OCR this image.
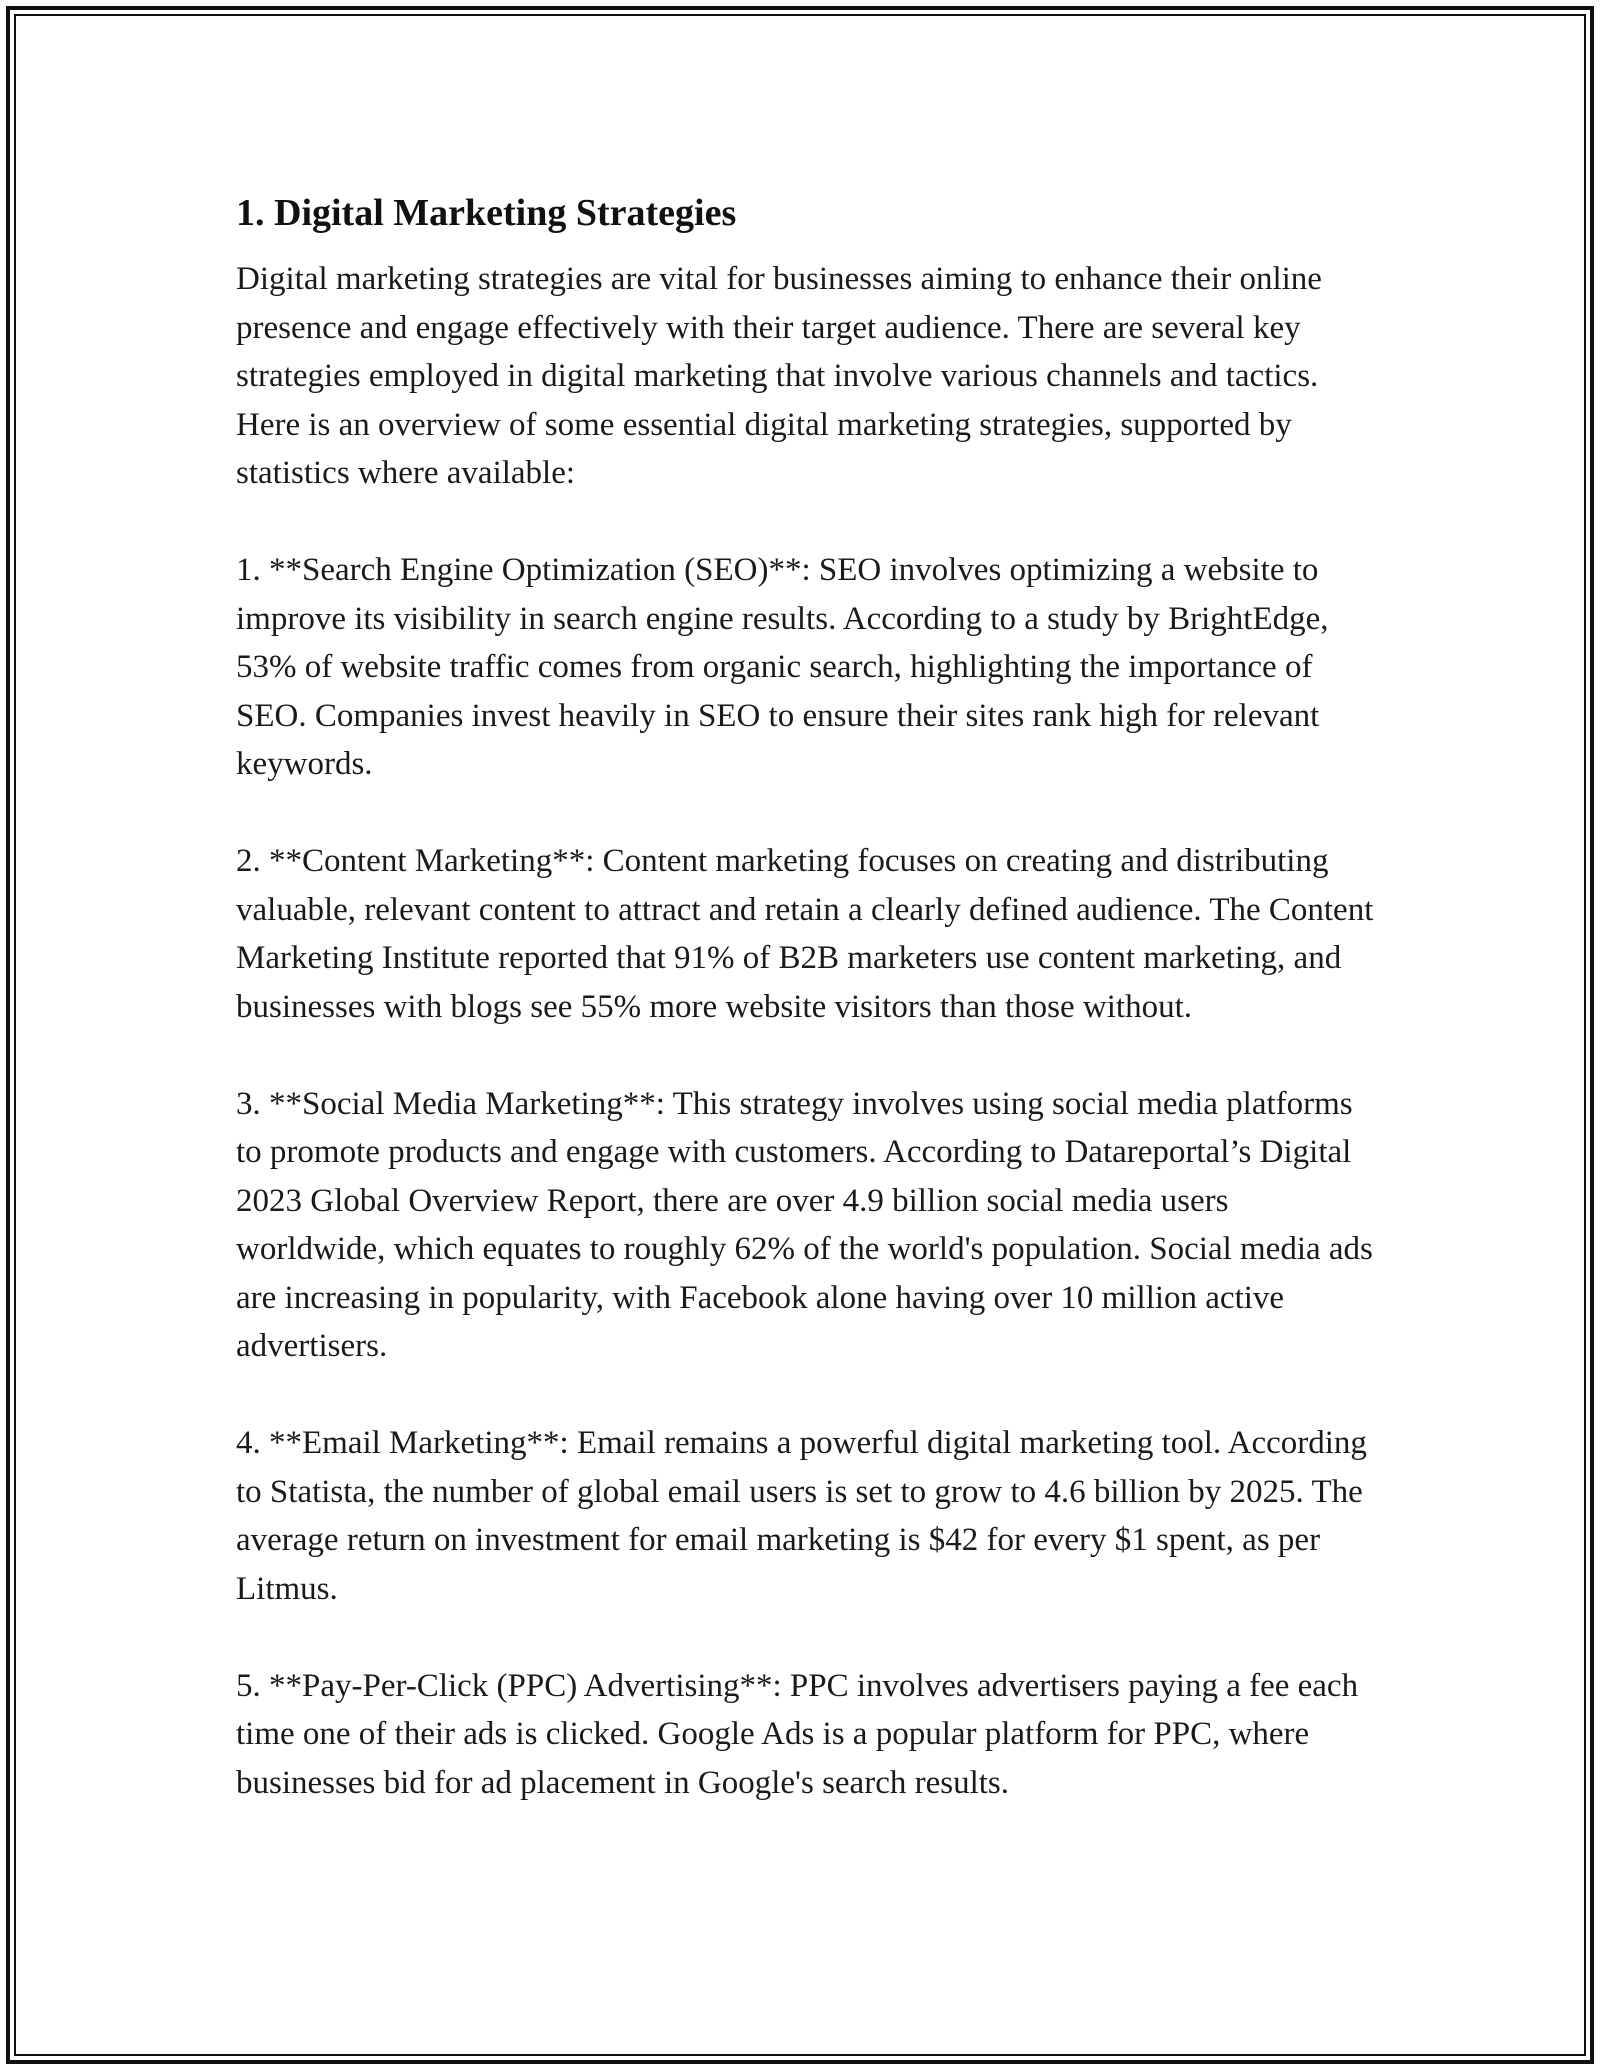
1. Digital Marketing Strategies

Digital marketing strategies are vital for businesses aiming to enhance their online presence and engage effectively with their target audience. There are several key strategies employed in digital marketing that involve various channels and tactics. Here is an overview of some essential digital marketing strategies, supported by statistics where available:

1. **Search Engine Optimization (SEO)**: SEO involves optimizing a website to improve its visibility in search engine results. According to a study by BrightEdge, 53% of website traffic comes from organic search, highlighting the importance of SEO. Companies invest heavily in SEO to ensure their sites rank high for relevant keywords.

2. **Content Marketing**: Content marketing focuses on creating and distributing valuable, relevant content to attract and retain a clearly defined audience. The Content Marketing Institute reported that 91% of B2B marketers use content marketing, and businesses with blogs see 55% more website visitors than those without.

3. **Social Media Marketing**: This strategy involves using social media platforms to promote products and engage with customers. According to Datareportal’s Digital 2023 Global Overview Report, there are over 4.9 billion social media users worldwide, which equates to roughly 62% of the world's population. Social media ads are increasing in popularity, with Facebook alone having over 10 million active advertisers.

4. **Email Marketing**: Email remains a powerful digital marketing tool. According to Statista, the number of global email users is set to grow to 4.6 billion by 2025. The average return on investment for email marketing is $42 for every $1 spent, as per Litmus.

5. **Pay-Per-Click (PPC) Advertising**: PPC involves advertisers paying a fee each time one of their ads is clicked. Google Ads is a popular platform for PPC, where businesses bid for ad placement in Google's search results.
